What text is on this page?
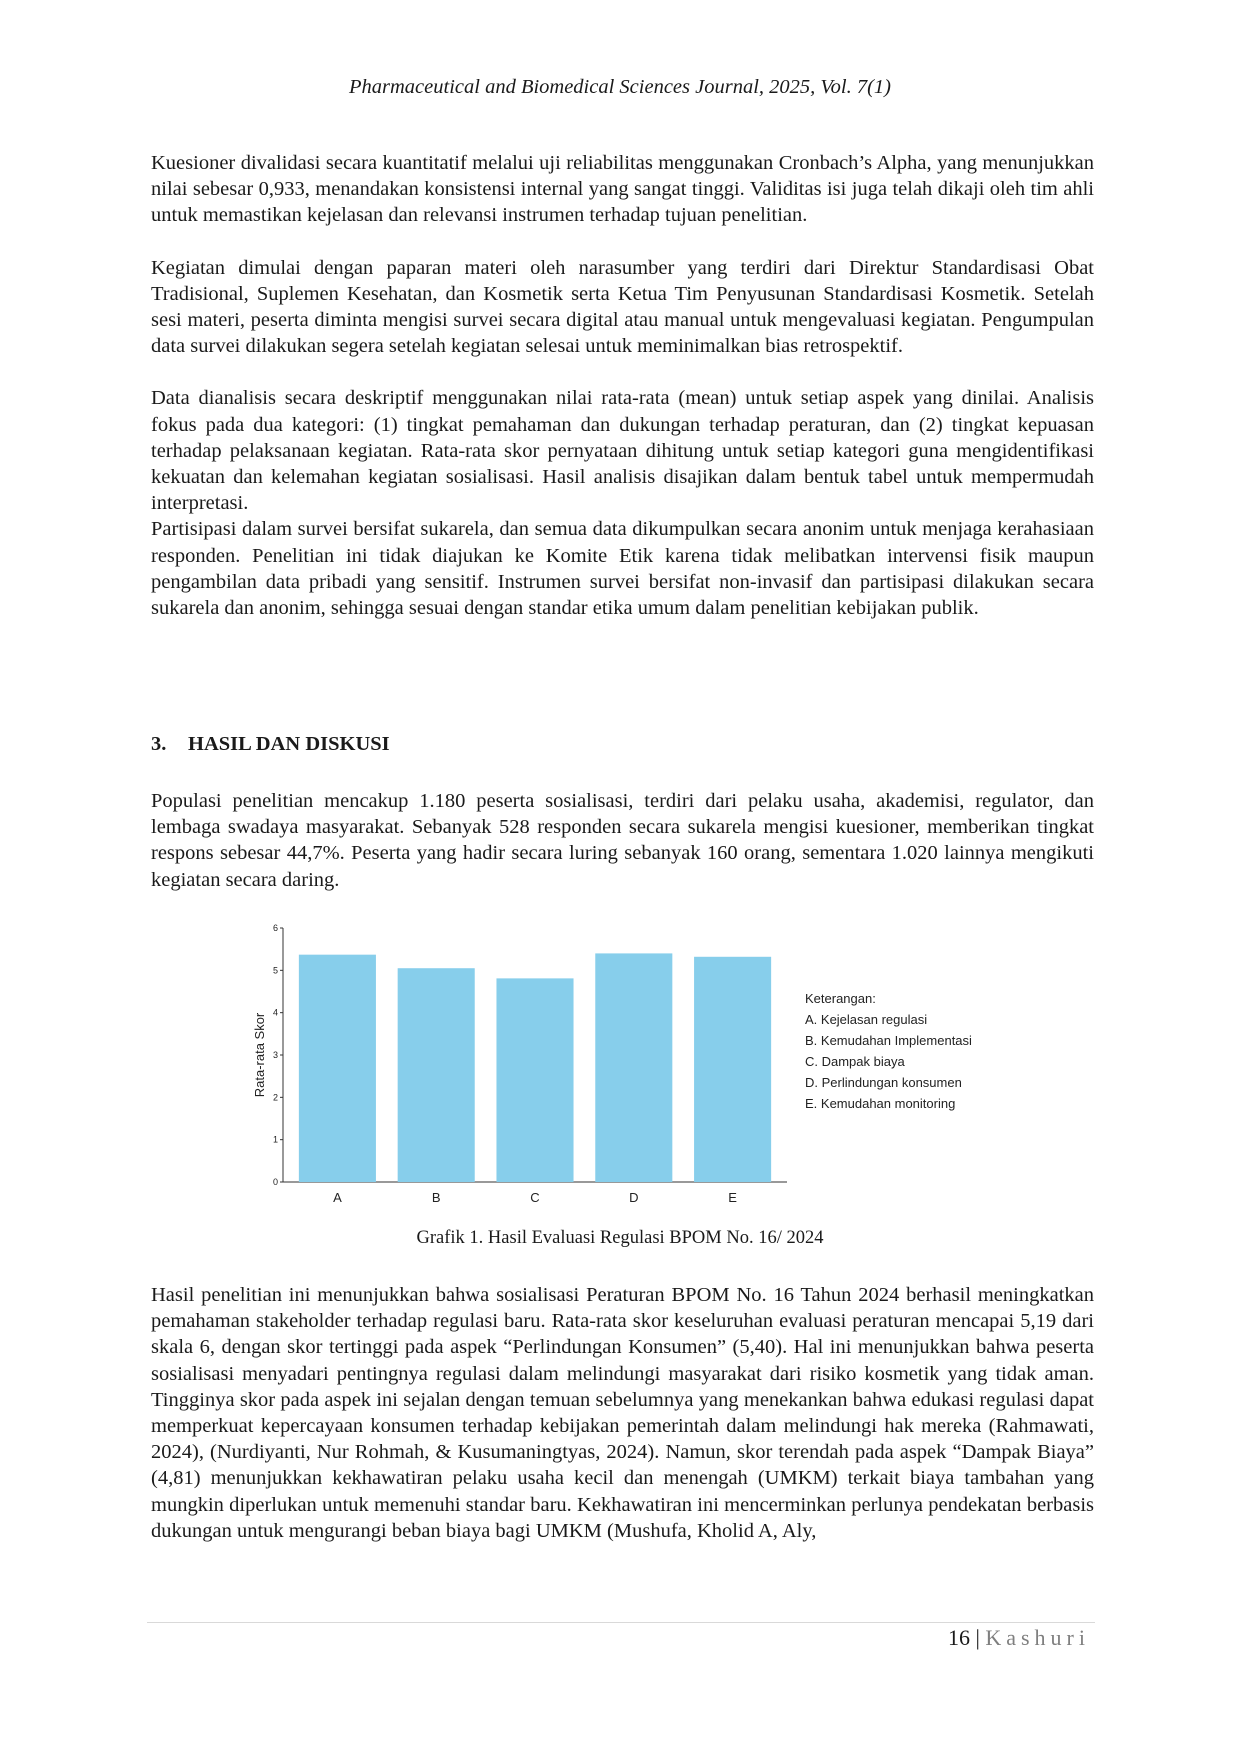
Pharmaceutical and Biomedical Sciences Journal, 2025, Vol. 7(1)

Kuesioner divalidasi secara kuantitatif melalui uji reliabilitas menggunakan Cronbach’s Alpha, yang menunjukkan nilai sebesar 0,933, menandakan konsistensi internal yang sangat tinggi. Validitas isi juga telah dikaji oleh tim ahli untuk memastikan kejelasan dan relevansi instrumen terhadap tujuan penelitian.

Kegiatan dimulai dengan paparan materi oleh narasumber yang terdiri dari Direktur Standardisasi Obat Tradisional, Suplemen Kesehatan, dan Kosmetik serta Ketua Tim Penyusunan Standardisasi Kosmetik. Setelah sesi materi, peserta diminta mengisi survei secara digital atau manual untuk mengevaluasi kegiatan. Pengumpulan data survei dilakukan segera setelah kegiatan selesai untuk meminimalkan bias retrospektif.

Data dianalisis secara deskriptif menggunakan nilai rata-rata (mean) untuk setiap aspek yang dinilai. Analisis fokus pada dua kategori: (1) tingkat pemahaman dan dukungan terhadap peraturan, dan (2) tingkat kepuasan terhadap pelaksanaan kegiatan. Rata-rata skor pernyataan dihitung untuk setiap kategori guna mengidentifikasi kekuatan dan kelemahan kegiatan sosialisasi. Hasil analisis disajikan dalam bentuk tabel untuk mempermudah interpretasi.

Partisipasi dalam survei bersifat sukarela, dan semua data dikumpulkan secara anonim untuk menjaga kerahasiaan responden. Penelitian ini tidak diajukan ke Komite Etik karena tidak melibatkan intervensi fisik maupun pengambilan data pribadi yang sensitif. Instrumen survei bersifat non-invasif dan partisipasi dilakukan secara sukarela dan anonim, sehingga sesuai dengan standar etika umum dalam penelitian kebijakan publik.

3. HASIL DAN DISKUSI

Populasi penelitian mencakup 1.180 peserta sosialisasi, terdiri dari pelaku usaha, akademisi, regulator, dan lembaga swadaya masyarakat. Sebanyak 528 responden secara sukarela mengisi kuesioner, memberikan tingkat respons sebesar 44,7%. Peserta yang hadir secara luring sebanyak 160 orang, sementara 1.020 lainnya mengikuti kegiatan secara daring.

0
1
2
3
4
5
6
Rata-rata Skor
A	B	C	D	E
Keterangan:
A. Kejelasan regulasi
B. Kemudahan Implementasi
C. Dampak biaya
D. Perlindungan konsumen
E. Kemudahan monitoring
Grafik 1. Hasil Evaluasi Regulasi BPOM No. 16/ 2024

Hasil penelitian ini menunjukkan bahwa sosialisasi Peraturan BPOM No. 16 Tahun 2024 berhasil meningkatkan pemahaman stakeholder terhadap regulasi baru. Rata-rata skor keseluruhan evaluasi peraturan mencapai 5,19 dari skala 6, dengan skor tertinggi pada aspek “Perlindungan Konsumen” (5,40). Hal ini menunjukkan bahwa peserta sosialisasi menyadari pentingnya regulasi dalam melindungi masyarakat dari risiko kosmetik yang tidak aman. Tingginya skor pada aspek ini sejalan dengan temuan sebelumnya yang menekankan bahwa edukasi regulasi dapat memperkuat kepercayaan konsumen terhadap kebijakan pemerintah dalam melindungi hak mereka (Rahmawati, 2024), (Nurdiyanti, Nur Rohmah, & Kusumaningtyas, 2024). Namun, skor terendah pada aspek “Dampak Biaya” (4,81) menunjukkan kekhawatiran pelaku usaha kecil dan menengah (UMKM) terkait biaya tambahan yang mungkin diperlukan untuk memenuhi standar baru. Kekhawatiran ini mencerminkan perlunya pendekatan berbasis dukungan untuk mengurangi beban biaya bagi UMKM (Mushufa, Kholid A, Aly,

16 | Kashuri
